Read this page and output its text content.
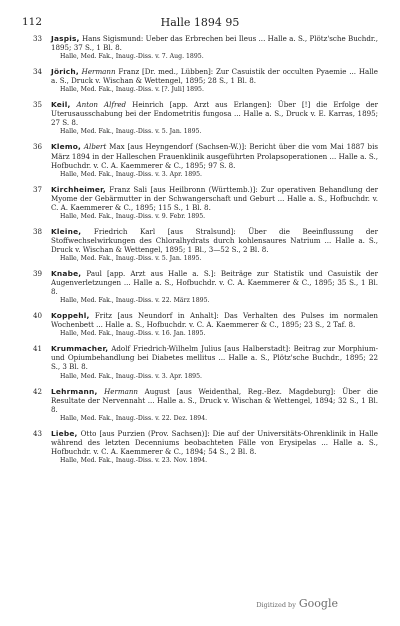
112	Halle 1894 95
33	Jaspis, Hans Sigismund: Ueber das Erbrechen bei Ileus ... Halle a. S., Plötz'sche Buchdr., 1895; 37 S., 1 Bl. 8.
Halle, Med. Fak., Inaug.-Diss. v. 7. Aug. 1895.
34	Jörich, Hermann Franz [Dr. med., Lübben]: Zur Casuistik der occulten Pyaemie ... Halle a. S., Druck v. Wischan & Wettengel, 1895; 28 S., 1 Bl. 8.
Halle, Med. Fak., Inaug.-Diss. v. [?. Juli] 1895.
35	Keil, Anton Alfred Heinrich [app. Arzt aus Erlangen]: Über [!] die Erfolge der Uterusausschabung bei der Endometritis fungosa ... Halle a. S., Druck v. E. Karras, 1895; 27 S. 8.
Halle, Med. Fak., Inaug.-Diss. v. 5. Jan. 1895.
36	Klemo, Albert Max [aus Heyngendorf (Sachsen-W.)]: Bericht über die vom Mai 1887 bis März 1894 in der Halleschen Frauenklinik ausgeführten Prolapsoperationen ... Halle a. S., Hofbuchdr. v. C. A. Kaemmerer & C., 1895; 97 S. 8.
Halle, Med. Fak., Inaug.-Diss. v. 3. Apr. 1895.
37	Kirchheimer, Franz Sali [aus Heilbronn (Württemb.)]: Zur operativen Behandlung der Myome der Gebärmutter in der Schwangerschaft und Geburt ... Halle a. S., Hofbuchdr. v. C. A. Kaemmerer & C., 1895; 115 S., 1 Bl. 8.
Halle, Med. Fak., Inaug.-Diss. v. 9. Febr. 1895.
38	Kleine, Friedrich Karl [aus Stralsund]: Über die Beeinflussung der Stoffwechselwirkungen des Chloralhydrats durch kohlensaures Natrium ... Halle a. S., Druck v. Wischan & Wettengel, 1895; 1 Bl., 3—52 S., 2 Bl. 8.
Halle, Med. Fak., Inaug.-Diss. v. 5. Jan. 1895.
39	Knabe, Paul [app. Arzt aus Halle a. S.]: Beiträge zur Statistik und Casuistik der Augenverletzungen ... Halle a. S., Hofbuchdr. v. C. A. Kaemmerer & C., 1895; 35 S., 1 Bl. 8.
Halle, Med. Fak., Inaug.-Diss. v. 22. März 1895.
40	Koppehl, Fritz [aus Neundorf in Anhalt]: Das Verhalten des Pulses im normalen Wochenbett ... Halle a. S., Hofbuchdr. v. C. A. Kaemmerer & C., 1895; 23 S., 2 Taf. 8.
Halle, Med. Fak., Inaug.-Diss. v. 16. Jan. 1895.
41	Krummacher, Adolf Friedrich-Wilhelm Julius [aus Halberstadt]: Beitrag zur Morphium- und Opiumbehandlung bei Diabetes mellitus ... Halle a. S., Plötz'sche Buchdr., 1895; 22 S., 3 Bl. 8.
Halle, Med. Fak., Inaug.-Diss. v. 3. Apr. 1895.
42	Lehrmann, Hermann August [aus Weidenthal, Reg.-Bez. Magdeburg]: Über die Resultate der Nervennaht ... Halle a. S., Druck v. Wischan & Wettengel, 1894; 32 S., 1 Bl. 8.
Halle, Med. Fak., Inaug.-Diss. v. 22. Dez. 1894.
43	Liebe, Otto [aus Purzien (Prov. Sachsen)]: Die auf der Universitäts-Ohrenklinik in Halle während des letzten Decenniums beobachteten Fälle von Erysipelas ... Halle a. S., Hofbuchdr. v. C. A. Kaemmerer & C., 1894; 54 S., 2 Bl. 8.
Halle, Med. Fak., Inaug.-Diss. v. 23. Nov. 1894.
Digitized by Google
